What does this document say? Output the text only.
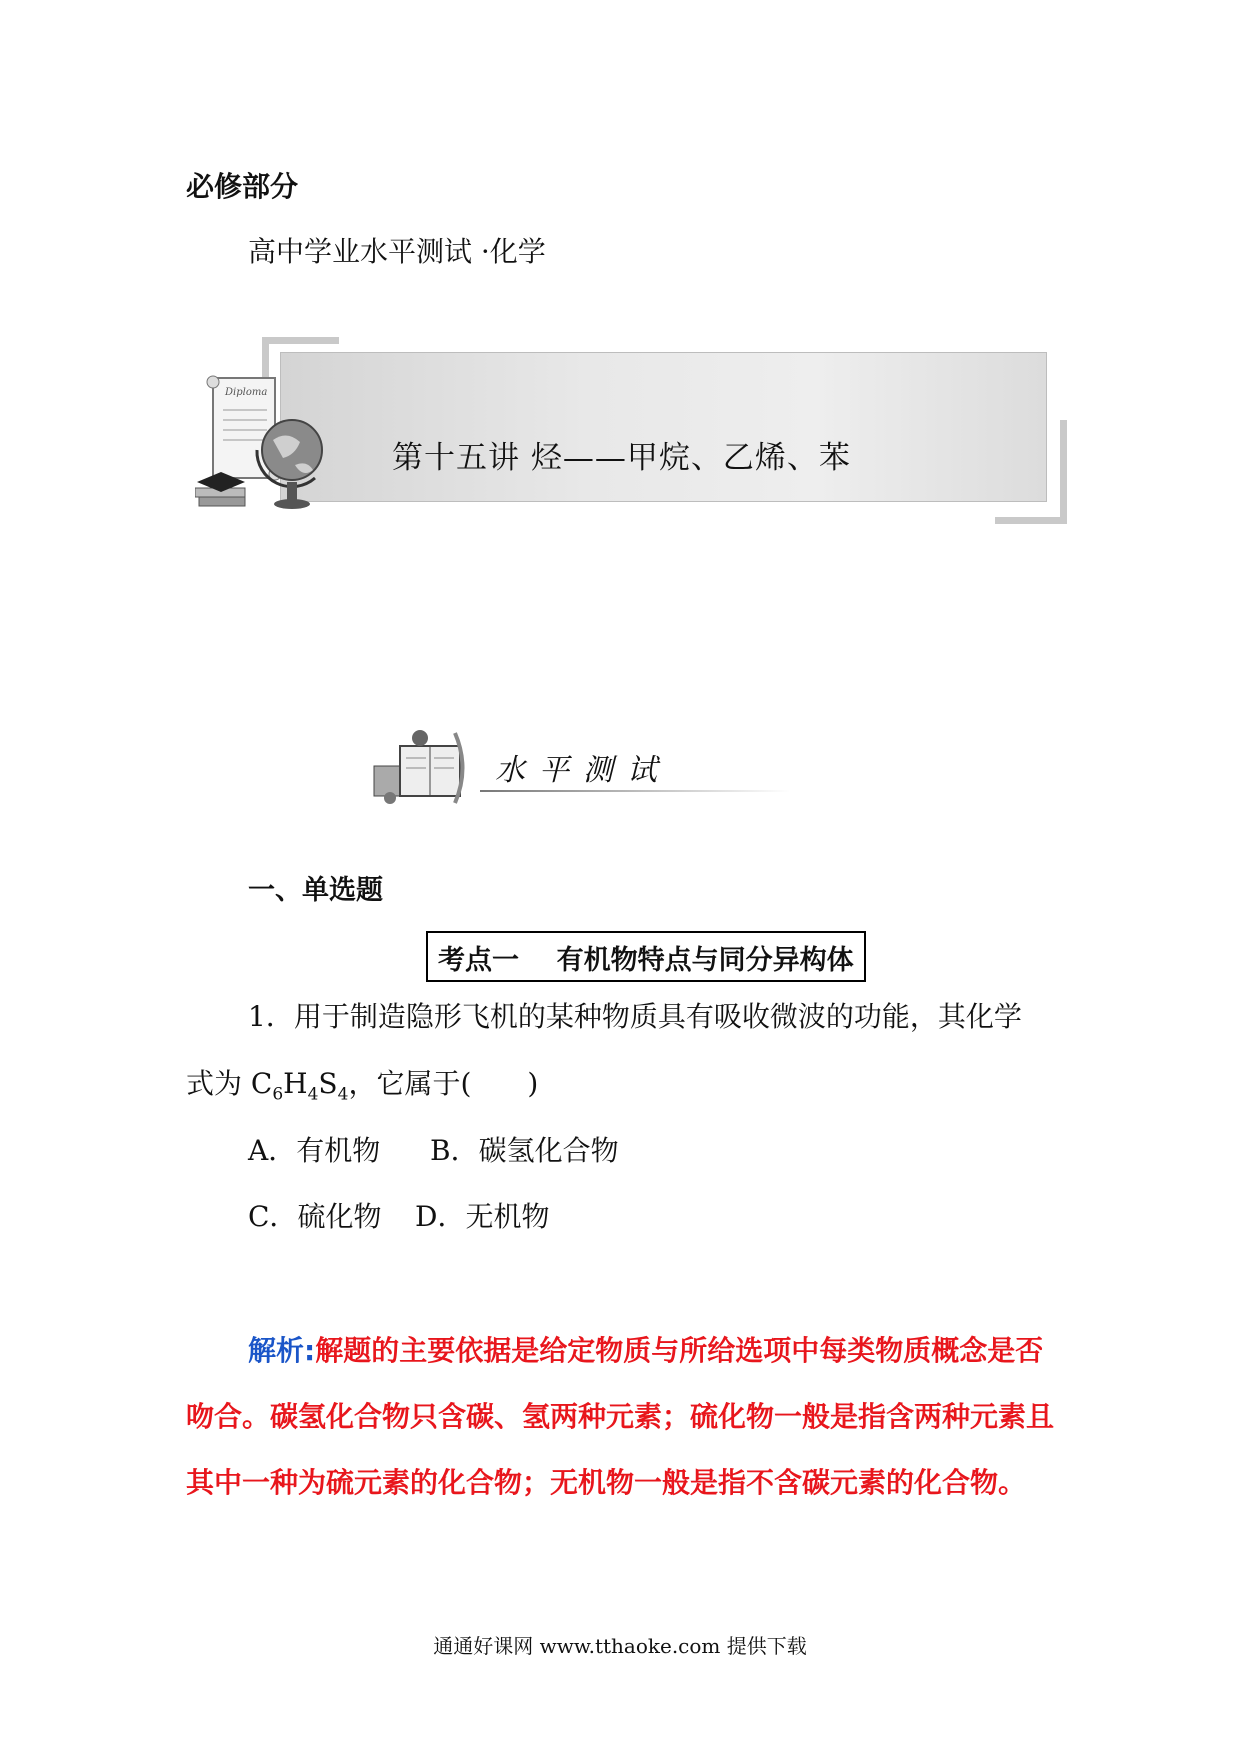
必修部分
高中学业水平测试 ·化学
Diploma
第十五讲 烃——甲烷、乙烯、苯
水平测试
一、单选题
考点一    有机物特点与同分异构体
1．用于制造隐形飞机的某种物质具有吸收微波的功能，其化学
式为 $C_6H_4S_4$，它属于(　　)
A．有机物 B．碳氢化合物
C．硫化物 D．无机物
解析:解题的主要依据是给定物质与所给选项中每类物质概念是否吻合。碳氢化合物只含碳、氢两种元素；硫化物一般是指含两种元素且其中一种为硫元素的化合物；无机物一般是指不含碳元素的化合物。
通通好课网 www.tthaoke.com 提供下载
